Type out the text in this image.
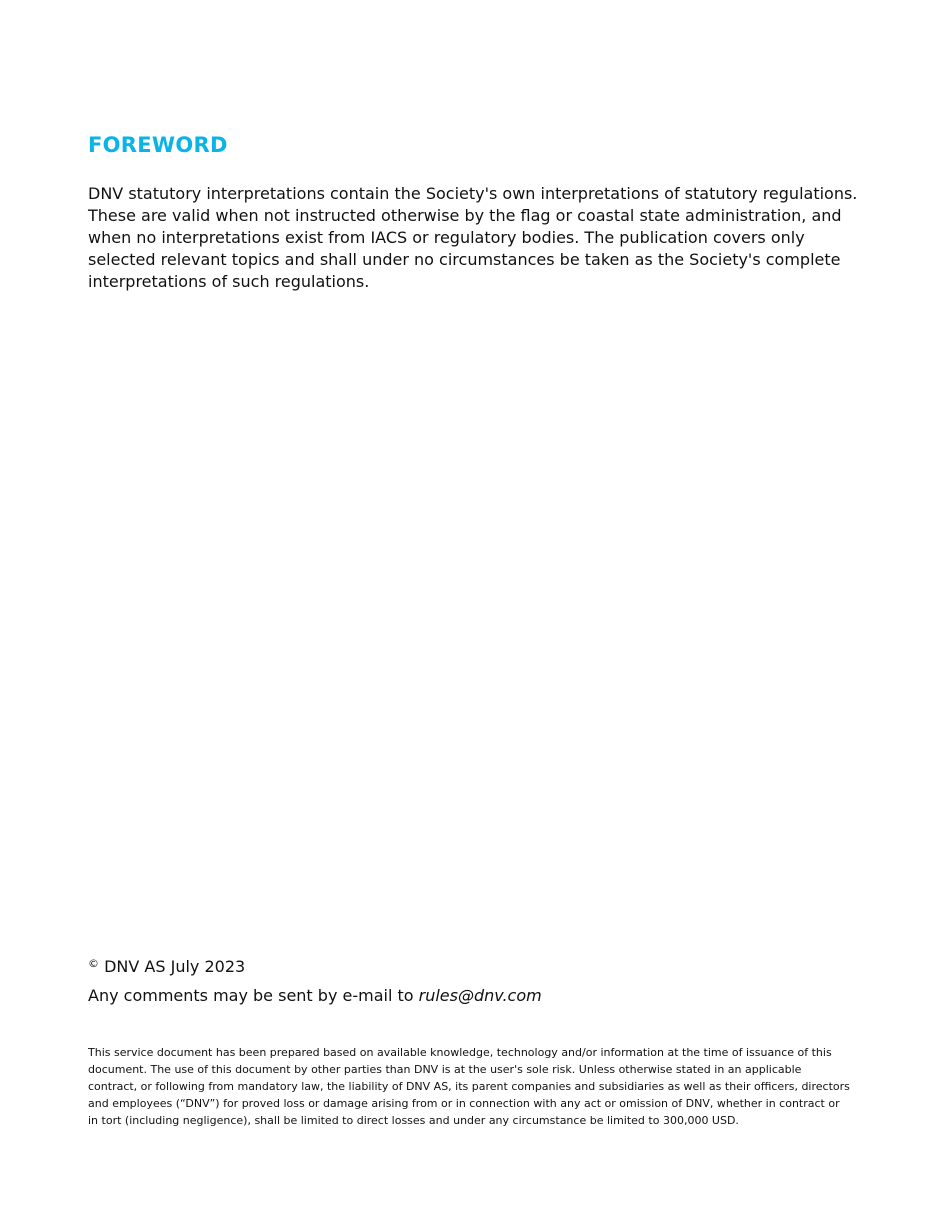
FOREWORD

DNV statutory interpretations contain the Society's own interpretations of statutory regulations. These are valid when not instructed otherwise by the flag or coastal state administration, and when no interpretations exist from IACS or regulatory bodies. The publication covers only selected relevant topics and shall under no circumstances be taken as the Society's complete interpretations of such regulations.

© DNV AS July 2023

Any comments may be sent by e-mail to rules@dnv.com

This service document has been prepared based on available knowledge, technology and/or information at the time of issuance of this document. The use of this document by other parties than DNV is at the user's sole risk. Unless otherwise stated in an applicable contract, or following from mandatory law, the liability of DNV AS, its parent companies and subsidiaries as well as their officers, directors and employees (“DNV”) for proved loss or damage arising from or in connection with any act or omission of DNV, whether in contract or in tort (including negligence), shall be limited to direct losses and under any circumstance be limited to 300,000 USD.
